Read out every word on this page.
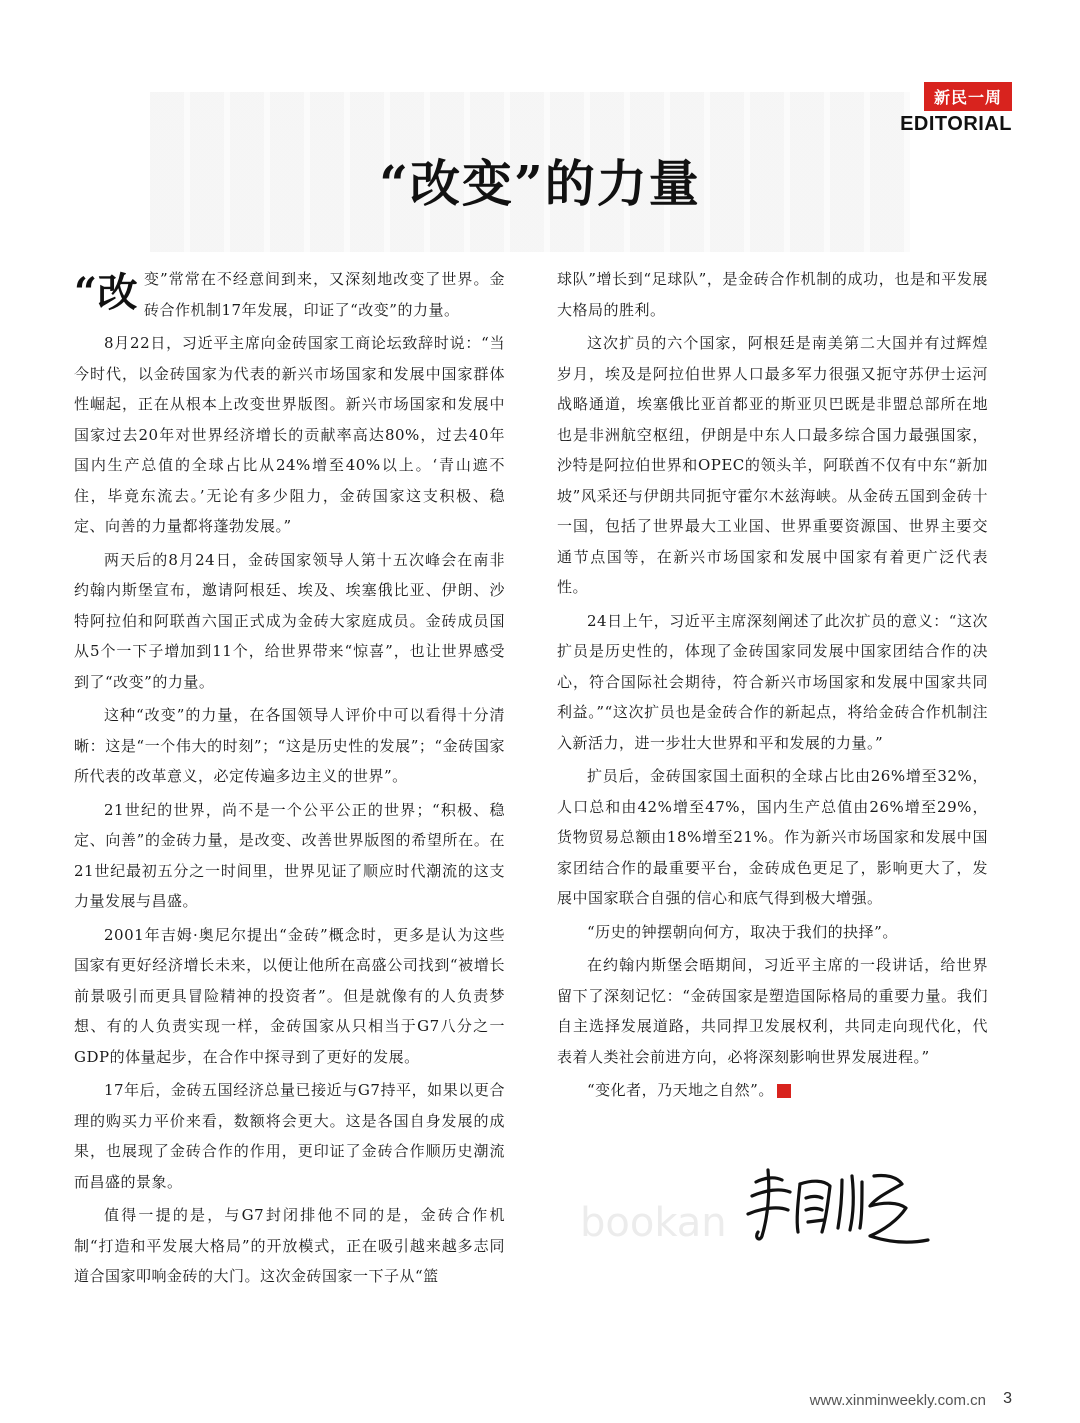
新民一周
EDITORIAL
“改变”的力量

“改变”常常在不经意间到来，又深刻地改变了世界。金砖合作机制17年发展，印证了“改变”的力量。

8月22日，习近平主席向金砖国家工商论坛致辞时说：“当今时代，以金砖国家为代表的新兴市场国家和发展中国家群体性崛起，正在从根本上改变世界版图。新兴市场国家和发展中国家过去20年对世界经济增长的贡献率高达80%，过去40年国内生产总值的全球占比从24%增至40%以上。‘青山遮不住，毕竟东流去。’无论有多少阻力，金砖国家这支积极、稳定、向善的力量都将蓬勃发展。”

两天后的8月24日，金砖国家领导人第十五次峰会在南非约翰内斯堡宣布，邀请阿根廷、埃及、埃塞俄比亚、伊朗、沙特阿拉伯和阿联酋六国正式成为金砖大家庭成员。金砖成员国从5个一下子增加到11个，给世界带来“惊喜”，也让世界感受到了“改变”的力量。

这种“改变”的力量，在各国领导人评价中可以看得十分清晰：这是“一个伟大的时刻”；“这是历史性的发展”；“金砖国家所代表的改革意义，必定传遍多边主义的世界”。

21世纪的世界，尚不是一个公平公正的世界；“积极、稳定、向善”的金砖力量，是改变、改善世界版图的希望所在。在21世纪最初五分之一时间里，世界见证了顺应时代潮流的这支力量发展与昌盛。

2001年吉姆·奥尼尔提出“金砖”概念时，更多是认为这些国家有更好经济增长未来，以便让他所在高盛公司找到“被增长前景吸引而更具冒险精神的投资者”。但是就像有的人负责梦想、有的人负责实现一样，金砖国家从只相当于G7八分之一GDP的体量起步，在合作中探寻到了更好的发展。

17年后，金砖五国经济总量已接近与G7持平，如果以更合理的购买力平价来看，数额将会更大。这是各国自身发展的成果，也展现了金砖合作的作用，更印证了金砖合作顺历史潮流而昌盛的景象。

值得一提的是，与G7封闭排他不同的是，金砖合作机制“打造和平发展大格局”的开放模式，正在吸引越来越多志同道合国家叩响金砖的大门。这次金砖国家一下子从“篮

球队”增长到“足球队”，是金砖合作机制的成功，也是和平发展大格局的胜利。

这次扩员的六个国家，阿根廷是南美第二大国并有过辉煌岁月，埃及是阿拉伯世界人口最多军力很强又扼守苏伊士运河战略通道，埃塞俄比亚首都亚的斯亚贝巴既是非盟总部所在地也是非洲航空枢纽，伊朗是中东人口最多综合国力最强国家，沙特是阿拉伯世界和OPEC的领头羊，阿联酋不仅有中东“新加坡”风采还与伊朗共同扼守霍尔木兹海峡。从金砖五国到金砖十一国，包括了世界最大工业国、世界重要资源国、世界主要交通节点国等，在新兴市场国家和发展中国家有着更广泛代表性。

24日上午，习近平主席深刻阐述了此次扩员的意义：“这次扩员是历史性的，体现了金砖国家同发展中国家团结合作的决心，符合国际社会期待，符合新兴市场国家和发展中国家共同利益。”“这次扩员也是金砖合作的新起点，将给金砖合作机制注入新活力，进一步壮大世界和平和发展的力量。”

扩员后，金砖国家国土面积的全球占比由26%增至32%，人口总和由42%增至47%，国内生产总值由26%增至29%，货物贸易总额由18%增至21%。作为新兴市场国家和发展中国家团结合作的最重要平台，金砖成色更足了，影响更大了，发展中国家联合自强的信心和底气得到极大增强。

“历史的钟摆朝向何方，取决于我们的抉择”。

在约翰内斯堡会晤期间，习近平主席的一段讲话，给世界留下了深刻记忆：“金砖国家是塑造国际格局的重要力量。我们自主选择发展道路，共同捍卫发展权利，共同走向现代化，代表着人类社会前进方向，必将深刻影响世界发展进程。”

“变化者，乃天地之自然”。	民

bookan
www.xinminweekly.com.cn 3
